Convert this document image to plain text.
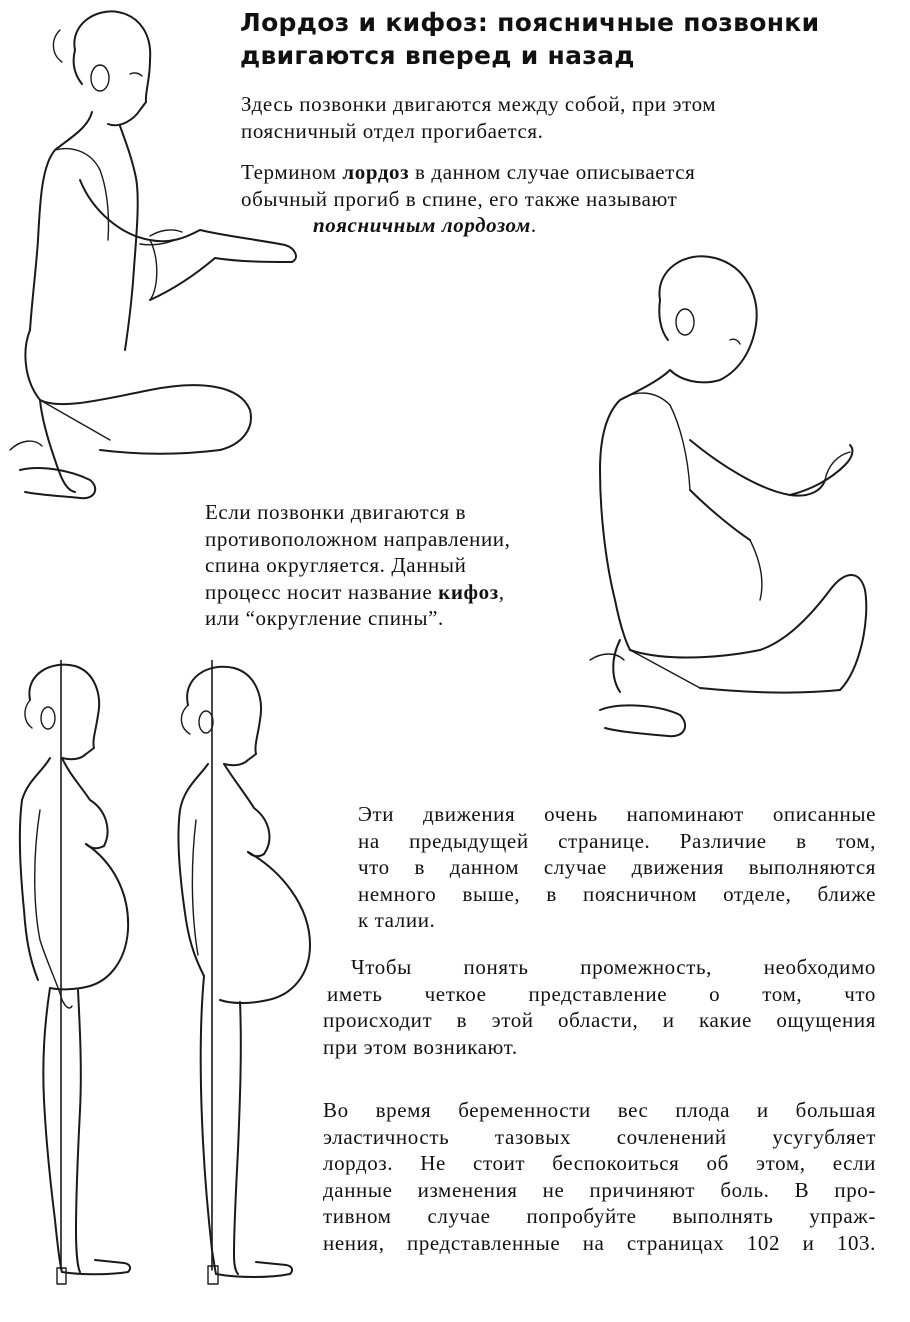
Лордоз и кифоз: поясничные позвонки
двигаются вперед и назад
Здесь позвонки двигаются между собой, при этом
поясничный отдел прогибается.
Термином лордоз в данном случае описывается
обычный прогиб в спине, его также называют
поясничным лордозом.
Если позвонки двигаются в
противоположном направлении,
спина округляется. Данный
процесс носит название кифоз,
или “округление спины”.
Эти движения очень напоминают описанные
на предыдущей странице. Различие в том,
что в данном случае движения выполняются
немного выше, в поясничном отделе, ближе
к талии.
Чтобы понять промежность, необходимо
иметь четкое представление о том, что
происходит в этой области, и какие ощущения
при этом возникают.
Во время беременности вес плода и большая
эластичность тазовых сочленений усугубляет
лордоз. Не стоит беспокоиться об этом, если
данные изменения не причиняют боль. В про-
тивном случае попробуйте выполнять упраж-
нения, представленные на страницах 102 и 103.
